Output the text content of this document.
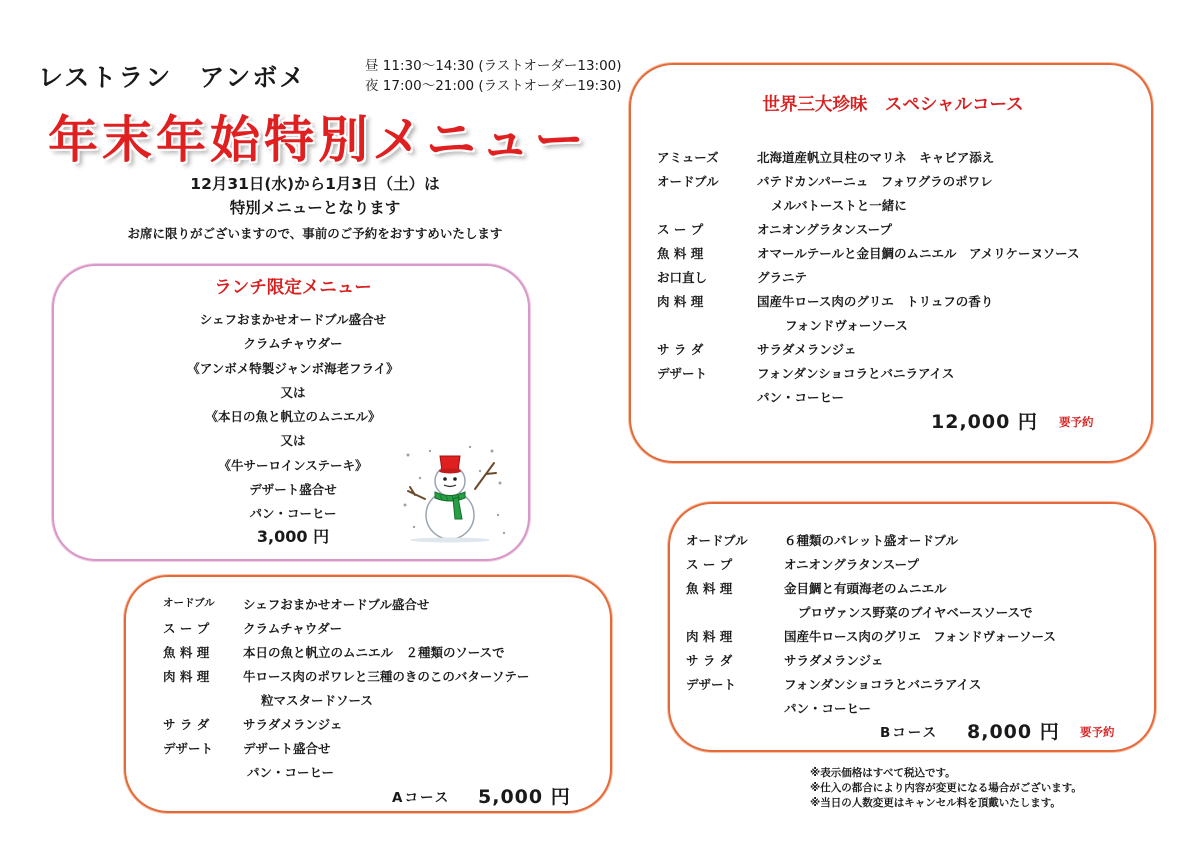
レストラン　アンボメ	昼 11:30〜14:30 (ラストオーダー13:00)
夜 17:00〜21:00 (ラストオーダー19:30)
年末年始特別メニュー
12月31日(水)から1月3日（土）は
特別メニューとなります
お席に限りがございますので、事前のご予約をおすすめいたします
ランチ限定メニュー
シェフおまかせオードブル盛合せ
クラムチャウダー
《アンボメ特製ジャンボ海老フライ》
又は
《本日の魚と帆立のムニエル》
又は
《牛サーロインステーキ》
デザート盛合せ
パン・コーヒー
3,000 円
世界三大珍味　スペシャルコース
アミューズ	北海道産帆立貝柱のマリネ　キャビア添え
オードブル	パテドカンパーニュ　フォワグラのポワレ
メルバトーストと一緒に
ス ー プ	オニオングラタンスープ
魚 料 理	オマールテールと金目鯛のムニエル　アメリケーヌソース
お口直し	グラニテ
肉 料 理	国産牛ロース肉のグリエ　トリュフの香り
フォンドヴォーソース
サ ラ ダ	サラダメランジェ
デザート	フォンダンショコラとバニラアイス
パン・コーヒー
12,000 円 要予約
オードブル	６種類のパレット盛オードブル
ス ー プ	オニオングラタンスープ
魚 料 理	金目鯛と有頭海老のムニエル
プロヴァンス野菜のブイヤベースソースで
肉 料 理	国産牛ロース肉のグリエ　フォンドヴォーソース
サ ラ ダ	サラダメランジェ
デザート	フォンダンショコラとバニラアイス
パン・コーヒー
Bコース 8,000 円 要予約
オードブル シェフおまかせオードブル盛合せ
ス ー プ	クラムチャウダー
魚 料 理	本日の魚と帆立のムニエル　２種類のソースで
肉 料 理	牛ロース肉のポワレと三種のきのこのバターソテー
粒マスタードソース
サ ラ ダ	サラダメランジェ
デザート デザート盛合せ
パン・コーヒー
Aコース 5,000 円
※表示価格はすべて税込です。
※仕入の都合により内容が変更になる場合がございます。
※当日の人数変更はキャンセル料を頂戴いたします。
